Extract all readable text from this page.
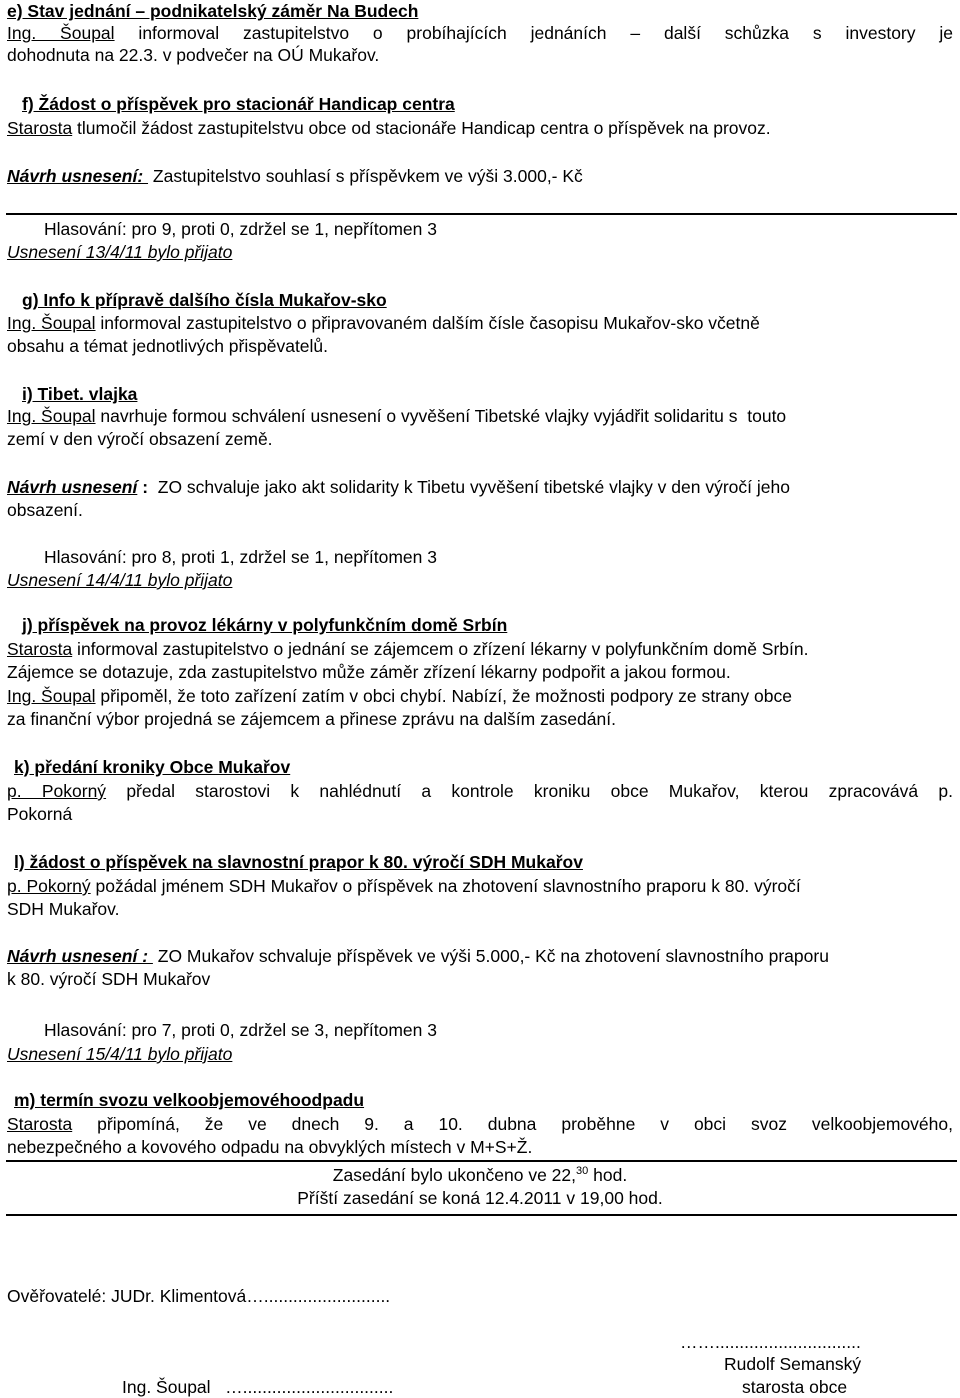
e) Stav jednání – podnikatelský záměr Na Budech
Ing. Šoupal informoval zastupitelstvo o probíhajících jednáních – další schůzka s investory je
dohodnuta na 22.3. v podvečer na OÚ Mukařov.
f) Žádost o příspěvek pro stacionář Handicap centra
Starosta tlumočil žádost zastupitelstvu obce od stacionáře Handicap centra o příspěvek na provoz.
Návrh usnesení:  Zastupitelstvo souhlasí s příspěvkem ve výši 3.000,- Kč
Hlasování: pro 9, proti 0, zdržel se 1, nepřítomen 3
Usnesení 13/4/11 bylo přijato
g) Info k přípravě dalšího čísla Mukařov-sko
Ing. Šoupal informoval zastupitelstvo o připravovaném dalším čísle časopisu Mukařov-sko včetně
obsahu a témat jednotlivých přispěvatelů.
i) Tibet. vlajka
Ing. Šoupal navrhuje formou schválení usnesení o vyvěšení Tibetské vlajky vyjádřit solidaritu s  touto
zemí v den výročí obsazení země.
Návrh usnesení :  ZO schvaluje jako akt solidarity k Tibetu vyvěšení tibetské vlajky v den výročí jeho
obsazení.
Hlasování: pro 8, proti 1, zdržel se 1, nepřítomen 3
Usnesení 14/4/11 bylo přijato
j) příspěvek na provoz lékárny v polyfunkčním domě Srbín
Starosta informoval zastupitelstvo o jednání se zájemcem o zřízení lékarny v polyfunkčním domě Srbín.
Zájemce se dotazuje, zda zastupitelstvo může záměr zřízení lékarny podpořit a jakou formou.
Ing. Šoupal připoměl, že toto zařízení zatím v obci chybí. Nabízí, že možnosti podpory ze strany obce
za finanční výbor projedná se zájemcem a přinese zprávu na dalším zasedání.
k) předání kroniky Obce Mukařov
p. Pokorný předal starostovi k nahlédnutí a kontrole kroniku obce Mukařov, kterou zpracovává p.
Pokorná
l) žádost o příspěvek na slavnostní prapor k 80. výročí SDH Mukařov
p. Pokorný požádal jménem SDH Mukařov o příspěvek na zhotovení slavnostního praporu k 80. výročí
SDH Mukařov.
Návrh usnesení :  ZO Mukařov schvaluje příspěvek ve výši 5.000,- Kč na zhotovení slavnostního praporu
k 80. výročí SDH Mukařov
Hlasování: pro 7, proti 0, zdržel se 3, nepřítomen 3
Usnesení 15/4/11 bylo přijato
m) termín svozu velkoobjemovéhoodpadu
Starosta připomíná, že ve dnech 9. a 10. dubna proběhne v obci svoz velkoobjemového,
nebezpečného a kovového odpadu na obvyklých místech v M+S+Ž.
Zasedání bylo ukončeno ve 22,30 hod.
Příští zasedání se koná 12.4.2011 v 19,00 hod.
Ověřovatelé: JUDr. Klimentová…..........................
……..............................
Rudolf Semanský
Ing. Šoupal   …...............................	starosta obce
